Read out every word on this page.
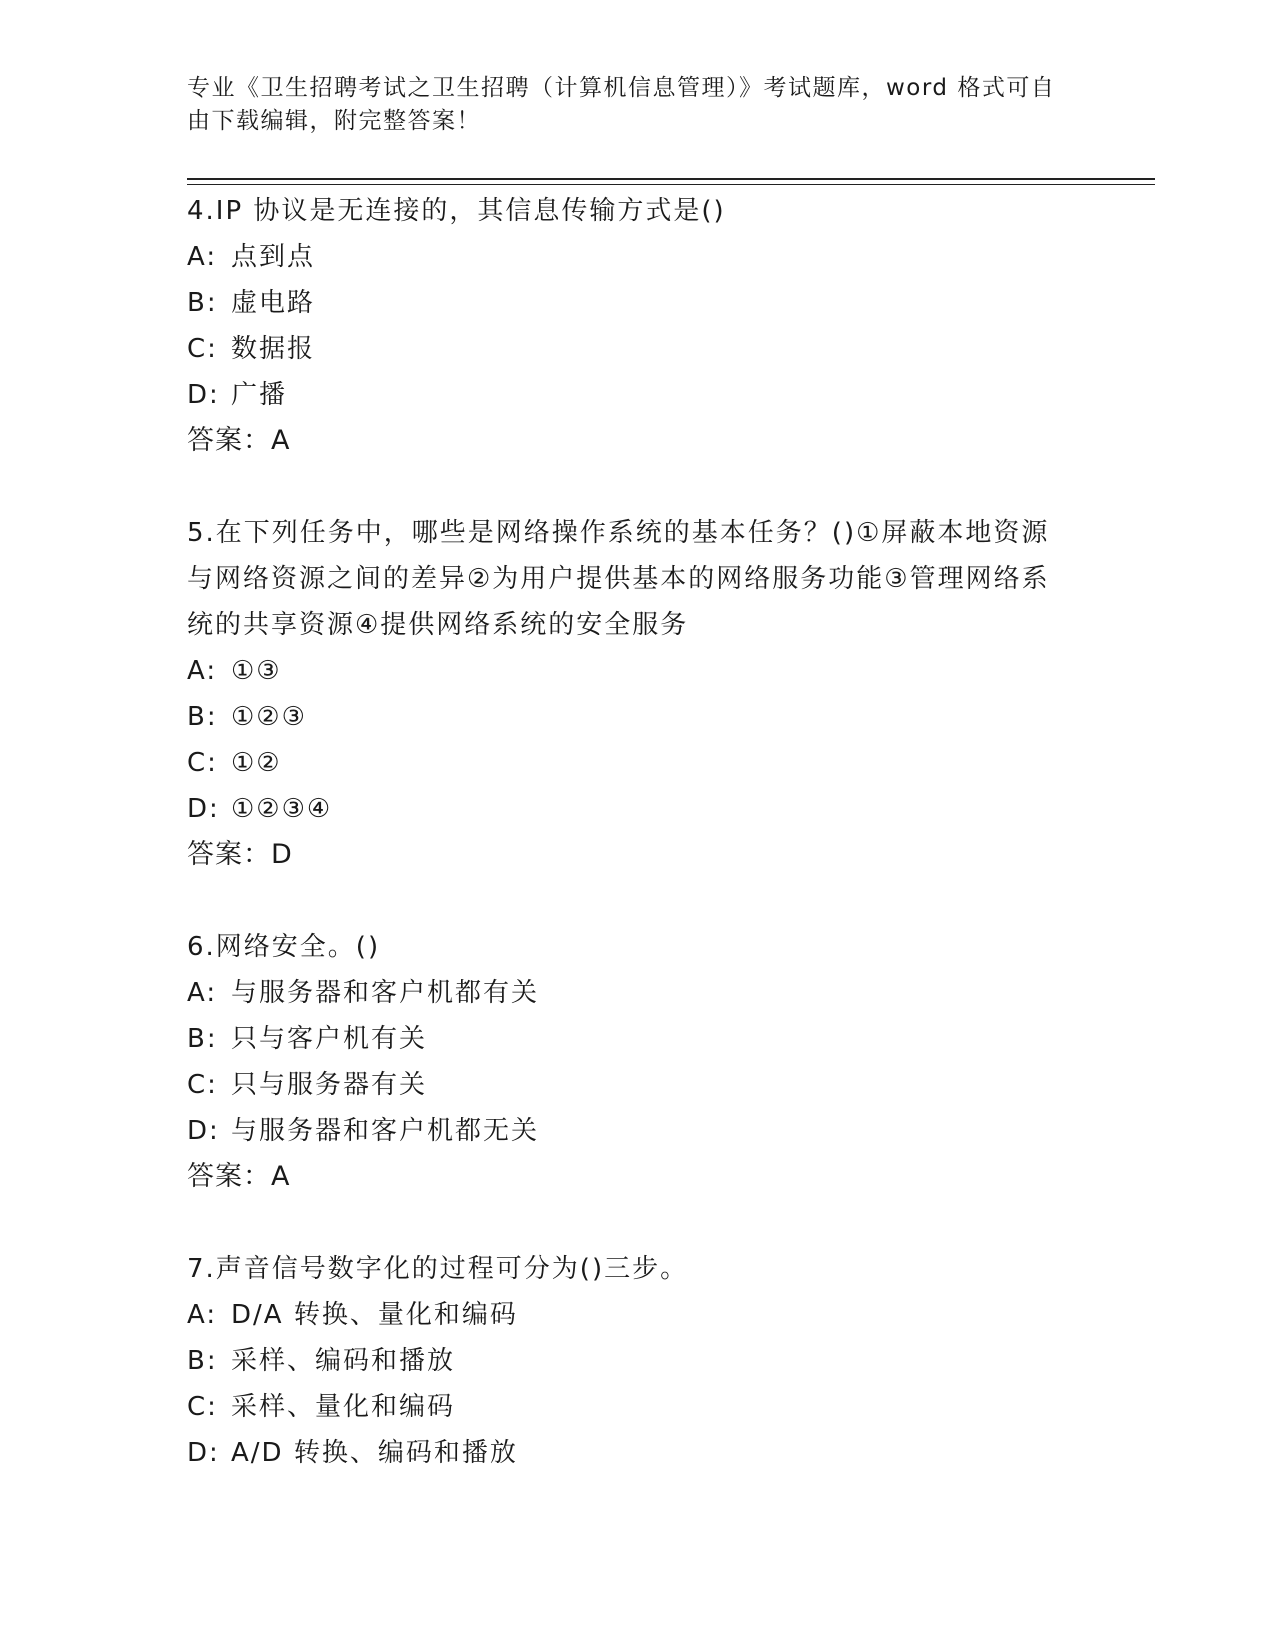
专业《卫生招聘考试之卫生招聘（计算机信息管理）》考试题库，word 格式可自由下载编辑，附完整答案！

4.IP 协议是无连接的，其信息传输方式是()

A: 点到点

B: 虚电路

C: 数据报

D: 广播

答案：A

5.在下列任务中，哪些是网络操作系统的基本任务？()①屏蔽本地资源与网络资源之间的差异②为用户提供基本的网络服务功能③管理网络系统的共享资源④提供网络系统的安全服务

A: ①③

B: ①②③

C: ①②

D: ①②③④

答案：D

6.网络安全。()

A: 与服务器和客户机都有关

B: 只与客户机有关

C: 只与服务器有关

D: 与服务器和客户机都无关

答案：A

7.声音信号数字化的过程可分为()三步。

A: D/A 转换、量化和编码

B: 采样、编码和播放

C: 采样、量化和编码

D: A/D 转换、编码和播放
